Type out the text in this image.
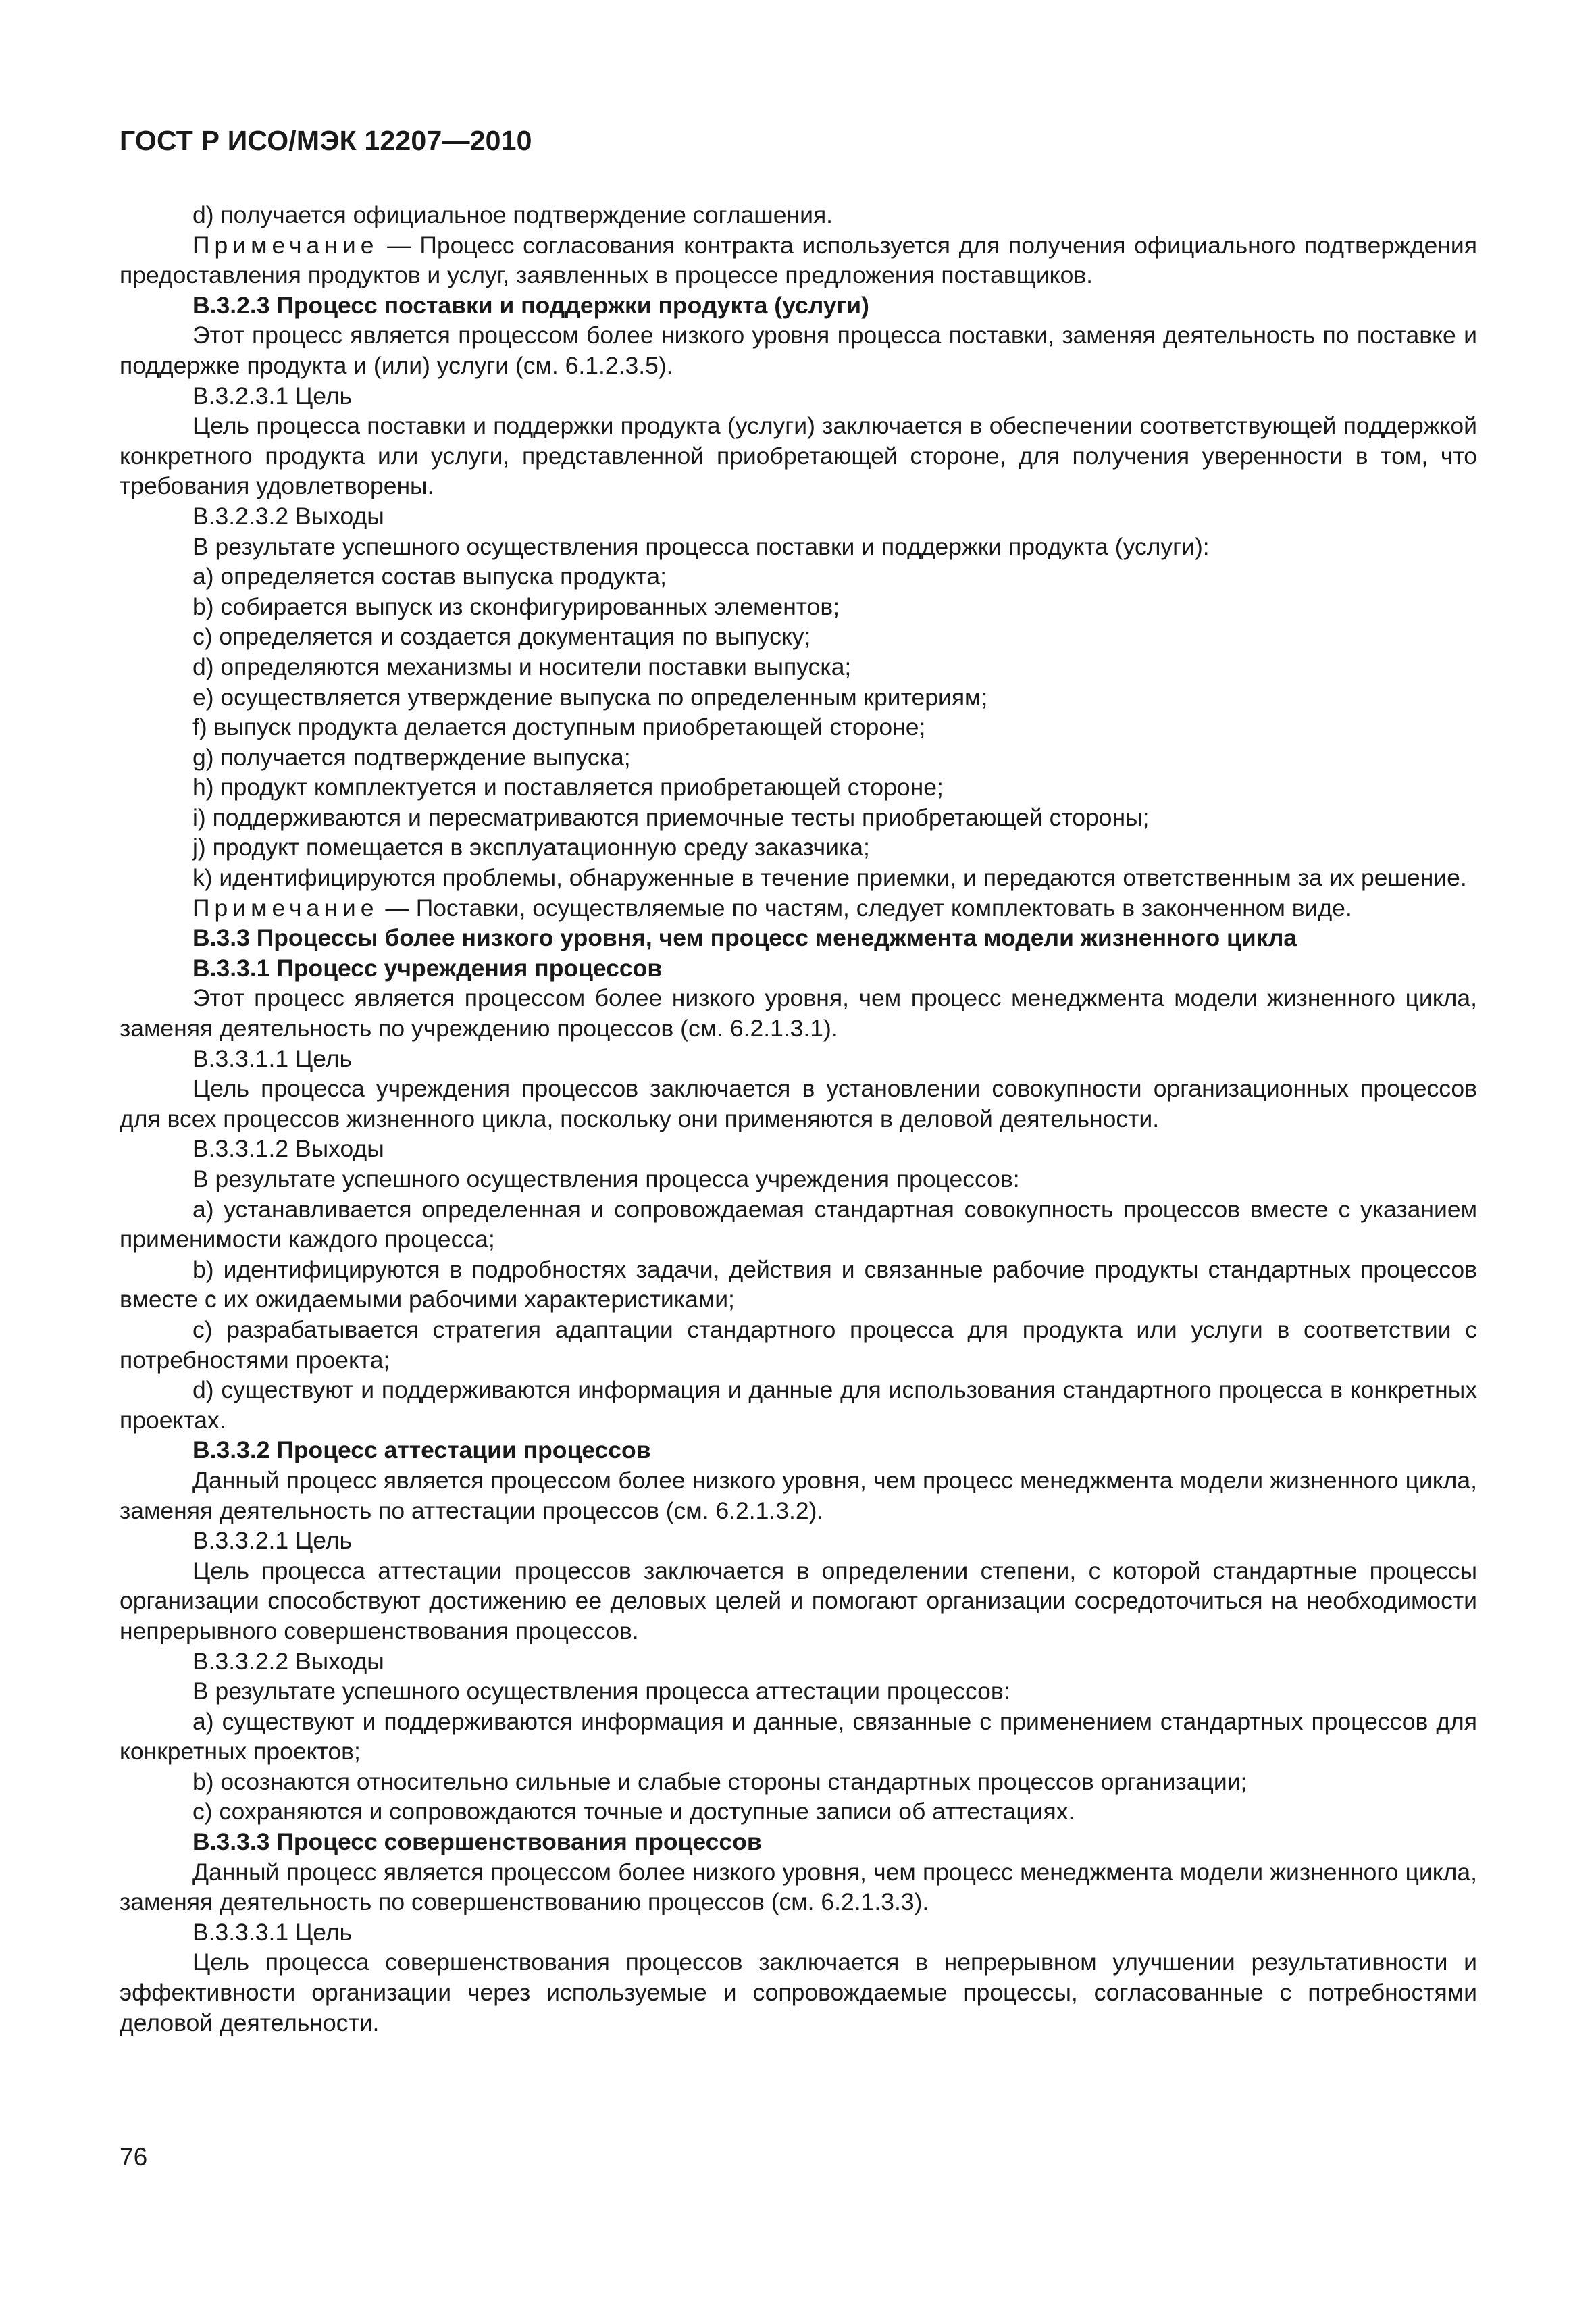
ГОСТ Р ИСО/МЭК 12207—2010

d) получается официальное подтверждение соглашения.

Примечание — Процесс согласования контракта используется для получения официального подтверждения предоставления продуктов и услуг, заявленных в процессе предложения поставщиков.

В.3.2.3 Процесс поставки и поддержки продукта (услуги)

Этот процесс является процессом более низкого уровня процесса поставки, заменяя деятельность по поставке и поддержке продукта и (или) услуги (см. 6.1.2.3.5).

В.3.2.3.1 Цель

Цель процесса поставки и поддержки продукта (услуги) заключается в обеспечении соответствующей поддержкой конкретного продукта или услуги, представленной приобретающей стороне, для получения уверенности в том, что требования удовлетворены.

В.3.2.3.2 Выходы

В результате успешного осуществления процесса поставки и поддержки продукта (услуги):

a) определяется состав выпуска продукта;

b) собирается выпуск из сконфигурированных элементов;

c) определяется и создается документация по выпуску;

d) определяются механизмы и носители поставки выпуска;

e) осуществляется утверждение выпуска по определенным критериям;

f) выпуск продукта делается доступным приобретающей стороне;

g) получается подтверждение выпуска;

h) продукт комплектуется и поставляется приобретающей стороне;

i) поддерживаются и пересматриваются приемочные тесты приобретающей стороны;

j) продукт помещается в эксплуатационную среду заказчика;

k) идентифицируются проблемы, обнаруженные в течение приемки, и передаются ответственным за их решение.

Примечание — Поставки, осуществляемые по частям, следует комплектовать в законченном виде.

В.3.3 Процессы более низкого уровня, чем процесс менеджмента модели жизненного цикла

В.3.3.1 Процесс учреждения процессов

Этот процесс является процессом более низкого уровня, чем процесс менеджмента модели жизненного цикла, заменяя деятельность по учреждению процессов (см. 6.2.1.3.1).

В.3.3.1.1 Цель

Цель процесса учреждения процессов заключается в установлении совокупности организационных процессов для всех процессов жизненного цикла, поскольку они применяются в деловой деятельности.

В.3.3.1.2 Выходы

В результате успешного осуществления процесса учреждения процессов:

a) устанавливается определенная и сопровождаемая стандартная совокупность процессов вместе с указанием применимости каждого процесса;

b) идентифицируются в подробностях задачи, действия и связанные рабочие продукты стандартных процессов вместе с их ожидаемыми рабочими характеристиками;

c) разрабатывается стратегия адаптации стандартного процесса для продукта или услуги в соответствии с потребностями проекта;

d) существуют и поддерживаются информация и данные для использования стандартного процесса в конкретных проектах.

В.3.3.2 Процесс аттестации процессов

Данный процесс является процессом более низкого уровня, чем процесс менеджмента модели жизненного цикла, заменяя деятельность по аттестации процессов (см. 6.2.1.3.2).

В.3.3.2.1 Цель

Цель процесса аттестации процессов заключается в определении степени, с которой стандартные процессы организации способствуют достижению ее деловых целей и помогают организации сосредоточиться на необходимости непрерывного совершенствования процессов.

В.3.3.2.2 Выходы

В результате успешного осуществления процесса аттестации процессов:

a) существуют и поддерживаются информация и данные, связанные с применением стандартных процессов для конкретных проектов;

b) осознаются относительно сильные и слабые стороны стандартных процессов организации;

c) сохраняются и сопровождаются точные и доступные записи об аттестациях.

В.3.3.3 Процесс совершенствования процессов

Данный процесс является процессом более низкого уровня, чем процесс менеджмента модели жизненного цикла, заменяя деятельность по совершенствованию процессов (см. 6.2.1.3.3).

В.3.3.3.1 Цель

Цель процесса совершенствования процессов заключается в непрерывном улучшении результативности и эффективности организации через используемые и сопровождаемые процессы, согласованные с потребностями деловой деятельности.

76
